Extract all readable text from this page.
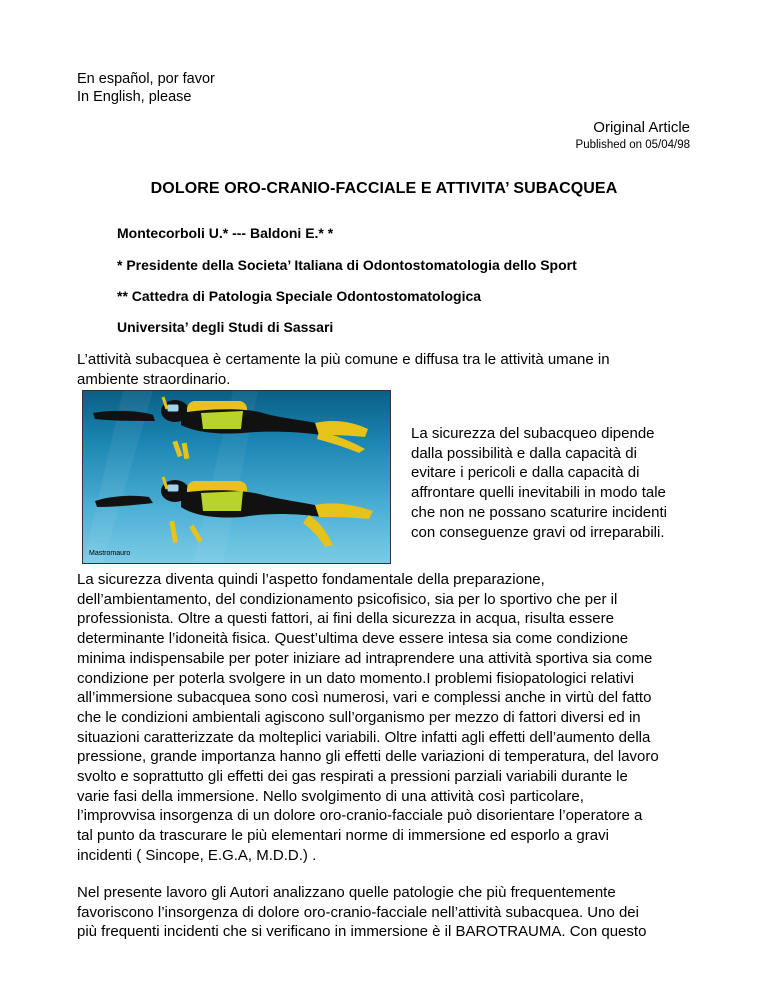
En español, por favor
In English, please
Original Article
Published on 05/04/98
DOLORE ORO-CRANIO-FACCIALE E ATTIVITA’ SUBACQUEA
Montecorboli U.* --- Baldoni E.* *
* Presidente della Societa’ Italiana di Odontostomatologia dello Sport
** Cattedra di Patologia Speciale Odontostomatologica
Universita’ degli Studi di Sassari
L’attività subacquea è certamente la più comune e diffusa tra le attività umane in
ambiente straordinario.
Mastromauro
La sicurezza del subacqueo dipende
dalla possibilità e dalla capacità di
evitare i pericoli e dalla capacità di
affrontare quelli inevitabili in modo tale
che non ne possano scaturire incidenti
con conseguenze gravi od irreparabili.
La sicurezza diventa quindi l’aspetto fondamentale della preparazione,
dell’ambientamento, del condizionamento psicofisico, sia per lo sportivo che per il
professionista. Oltre a questi fattori, ai fini della sicurezza in acqua, risulta essere
determinante l’idoneità fisica. Quest’ultima deve essere intesa sia come condizione
minima indispensabile per poter iniziare ad intraprendere una attività sportiva sia come
condizione per poterla svolgere in un dato momento.I problemi fisiopatologici relativi
all’immersione subacquea sono così numerosi, vari e complessi anche in virtù del fatto
che le condizioni ambientali agiscono sull’organismo per mezzo di fattori diversi ed in
situazioni caratterizzate da molteplici variabili. Oltre infatti agli effetti dell’aumento della
pressione, grande importanza hanno gli effetti delle variazioni di temperatura, del lavoro
svolto e soprattutto gli effetti dei gas respirati a pressioni parziali variabili durante le
varie fasi della immersione. Nello svolgimento di una attività così particolare,
l’improvvisa insorgenza di un dolore oro-cranio-facciale può disorientare l’operatore a
tal punto da trascurare le più elementari norme di immersione ed esporlo a gravi
incidenti ( Sincope, E.G.A, M.D.D.) .
Nel presente lavoro gli Autori analizzano quelle patologie che più frequentemente
favoriscono l’insorgenza di dolore oro-cranio-facciale nell’attività subacquea. Uno dei
più frequenti incidenti che si verificano in immersione è il BAROTRAUMA. Con questo
